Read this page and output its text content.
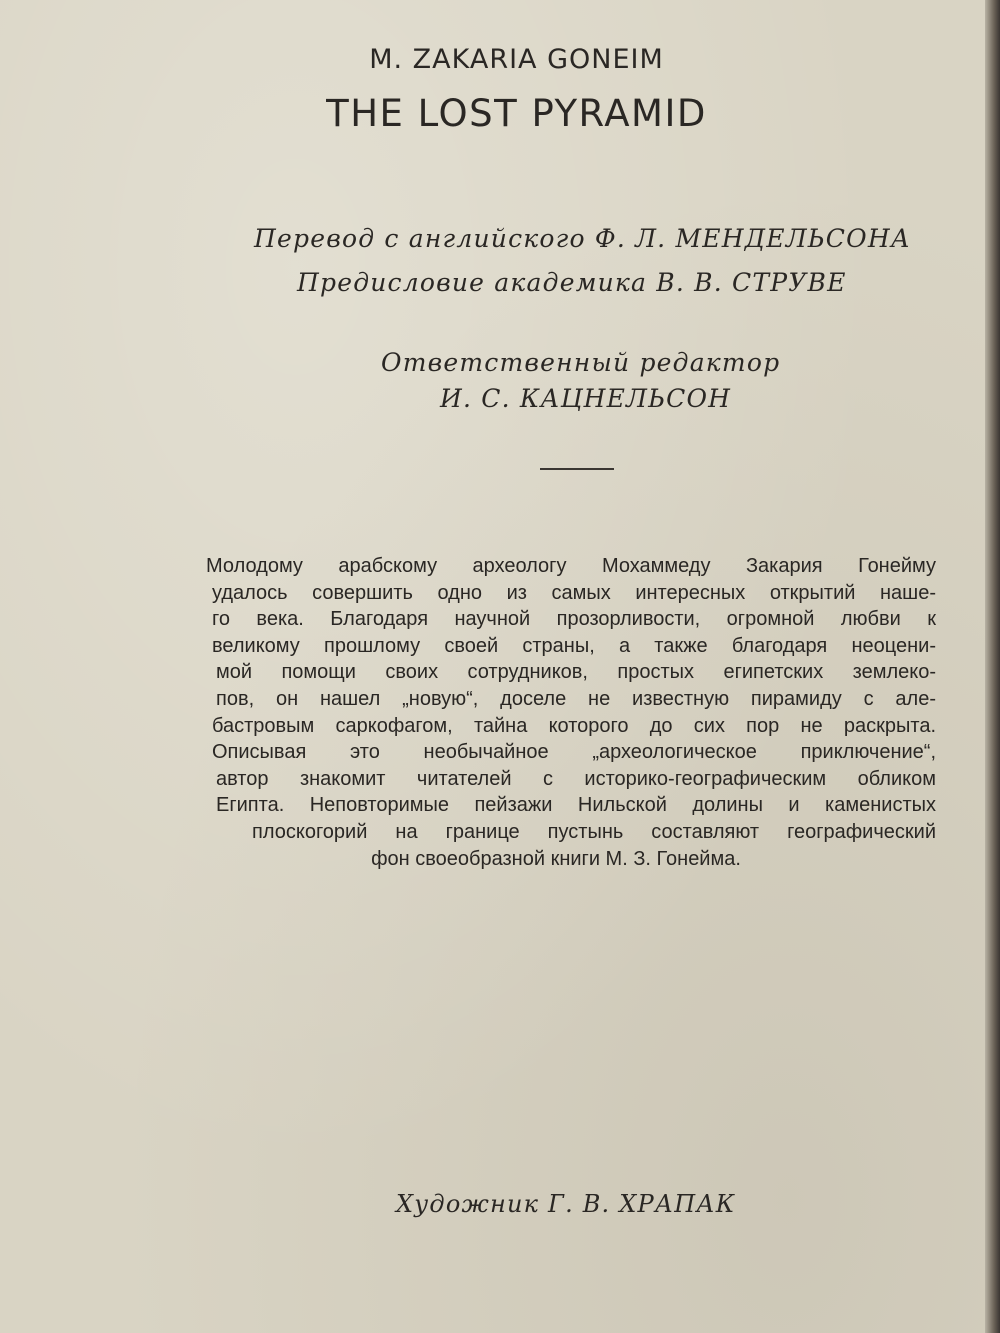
M. ZAKARIA GONEIM
THE LOST PYRAMID
Перевод с английского Ф. Л. МЕНДЕЛЬСОНА
Предисловие академика В. В. СТРУВЕ
Ответственный редактор
И. С. КАЦНЕЛЬСОН
Молодому арабскому археологу Мохаммеду Закария Гонейму
удалось совершить одно из самых интересных открытий наше-
го века. Благодаря научной прозорливости, огромной любви к
великому прошлому своей страны, а также благодаря неоцени-
мой помощи своих сотрудников, простых египетских землеко-
пов, он нашел „новую“, доселе не известную пирамиду с але-
бастровым саркофагом, тайна которого до сих пор не раскрыта.
Описывая это необычайное „археологическое приключение“,
автор знакомит читателей с историко-географическим обликом
Египта. Неповторимые пейзажи Нильской долины и каменистых
плоскогорий на границе пустынь составляют географический
фон своеобразной книги М. З. Гонейма.
Художник Г. В. ХРАПАК
